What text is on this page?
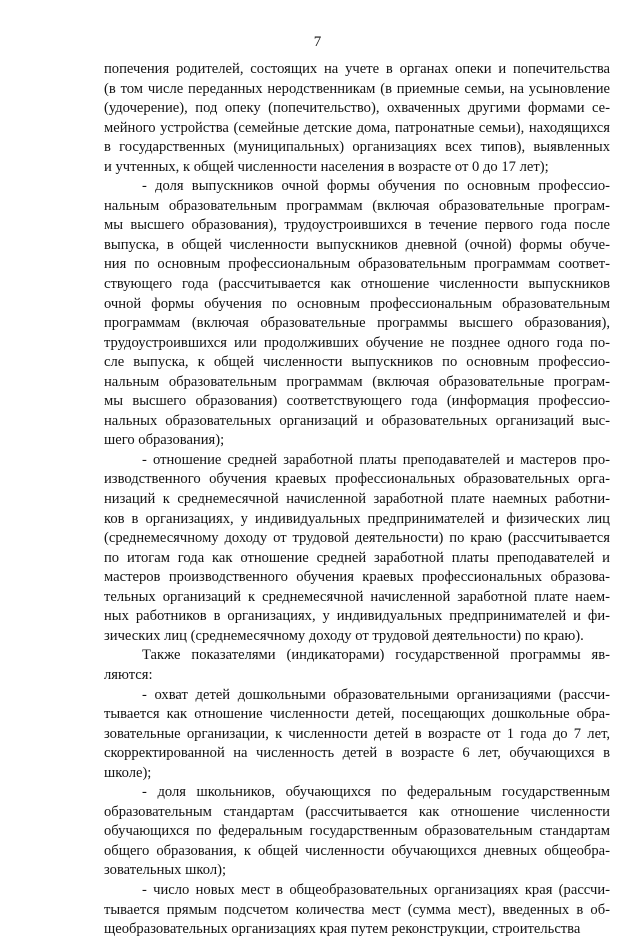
7
попечения родителей, состоящих на учете в органах опеки и попечительства
(в том числе переданных неродственникам (в приемные семьи, на усыновление
(удочерение), под опеку (попечительство), охваченных другими формами се-
мейного устройства (семейные детские дома, патронатные семьи), находящихся
в государственных (муниципальных) организациях всех типов), выявленных
и учтенных, к общей численности населения в возрасте от 0 до 17 лет);
- доля выпускников очной формы обучения по основным профессио-
нальным образовательным программам (включая образовательные програм-
мы высшего образования), трудоустроившихся в течение первого года после
выпуска, в общей численности выпускников дневной (очной) формы обуче-
ния по основным профессиональным образовательным программам соответ-
ствующего года (рассчитывается как отношение численности выпускников
очной формы обучения по основным профессиональным образовательным
программам (включая образовательные программы высшего образования),
трудоустроившихся или продолживших обучение не позднее одного года по-
сле выпуска, к общей численности выпускников по основным профессио-
нальным образовательным программам (включая образовательные програм-
мы высшего образования) соответствующего года (информация профессио-
нальных образовательных организаций и образовательных организаций выс-
шего образования);
- отношение средней заработной платы преподавателей и мастеров про-
изводственного обучения краевых профессиональных образовательных орга-
низаций к среднемесячной начисленной заработной плате наемных работни-
ков в организациях, у индивидуальных предпринимателей и физических лиц
(среднемесячному доходу от трудовой деятельности) по краю (рассчитывается
по итогам года как отношение средней заработной платы преподавателей и
мастеров производственного обучения краевых профессиональных образова-
тельных организаций к среднемесячной начисленной заработной плате наем-
ных работников в организациях, у индивидуальных предпринимателей и фи-
зических лиц (среднемесячному доходу от трудовой деятельности) по краю).
Также показателями (индикаторами) государственной программы яв-
ляются:
- охват детей дошкольными образовательными организациями (рассчи-
тывается как отношение численности детей, посещающих дошкольные обра-
зовательные организации, к численности детей в возрасте от 1 года до 7 лет,
скорректированной на численность детей в возрасте 6 лет, обучающихся в
школе);
- доля школьников, обучающихся по федеральным государственным
образовательным стандартам (рассчитывается как отношение численности
обучающихся по федеральным государственным образовательным стандартам
общего образования, к общей численности обучающихся дневных общеобра-
зовательных школ);
- число новых мест в общеобразовательных организациях края (рассчи-
тывается прямым подсчетом количества мест (сумма мест), введенных в об-
щеобразовательных организациях края путем реконструкции, строительства
